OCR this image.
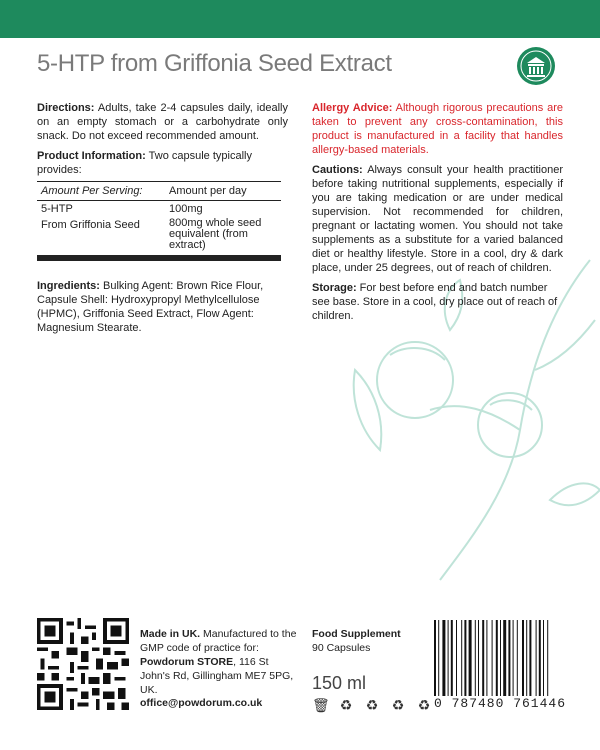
5-HTP from Griffonia Seed Extract

Directions: Adults, take 2-4 capsules daily, ideally on an empty stomach or a carbohydrate only snack. Do not exceed recommended amount.

Product Information: Two capsule typically provides:

Amount Per Serving:	Amount per day
5-HTP	100mg
From Griffonia Seed	800mg whole seed equivalent (from extract)

Ingredients: Bulking Agent: Brown Rice Flour, Capsule Shell: Hydroxypropyl Methylcellulose (HPMC), Griffonia Seed Extract, Flow Agent: Magnesium Stearate.

Allergy Advice: Although rigorous precautions are taken to prevent any cross-contamination, this product is manufactured in a facility that handles allergy-based materials.

Cautions: Always consult your health practitioner before taking nutritional supplements, especially if you are taking medication or are under medical supervision. Not recommended for children, pregnant or lactating women. You should not take supplements as a substitute for a varied balanced diet or healthy lifestyle. Store in a cool, dry & dark place, under 25 degrees, out of reach of children.

Storage: For best before end and batch number see base. Store in a cool, dry place out of reach of children.

Made in UK. Manufactured to the GMP code of practice for: Powdorum STORE, 116 St John's Rd, Gillingham ME7 5PG, UK.
office@powdorum.co.uk
Food Supplement
90 Capsules
150 ml
🗑 ♻ ♻ ♻ ♻ 0 787480 761446
